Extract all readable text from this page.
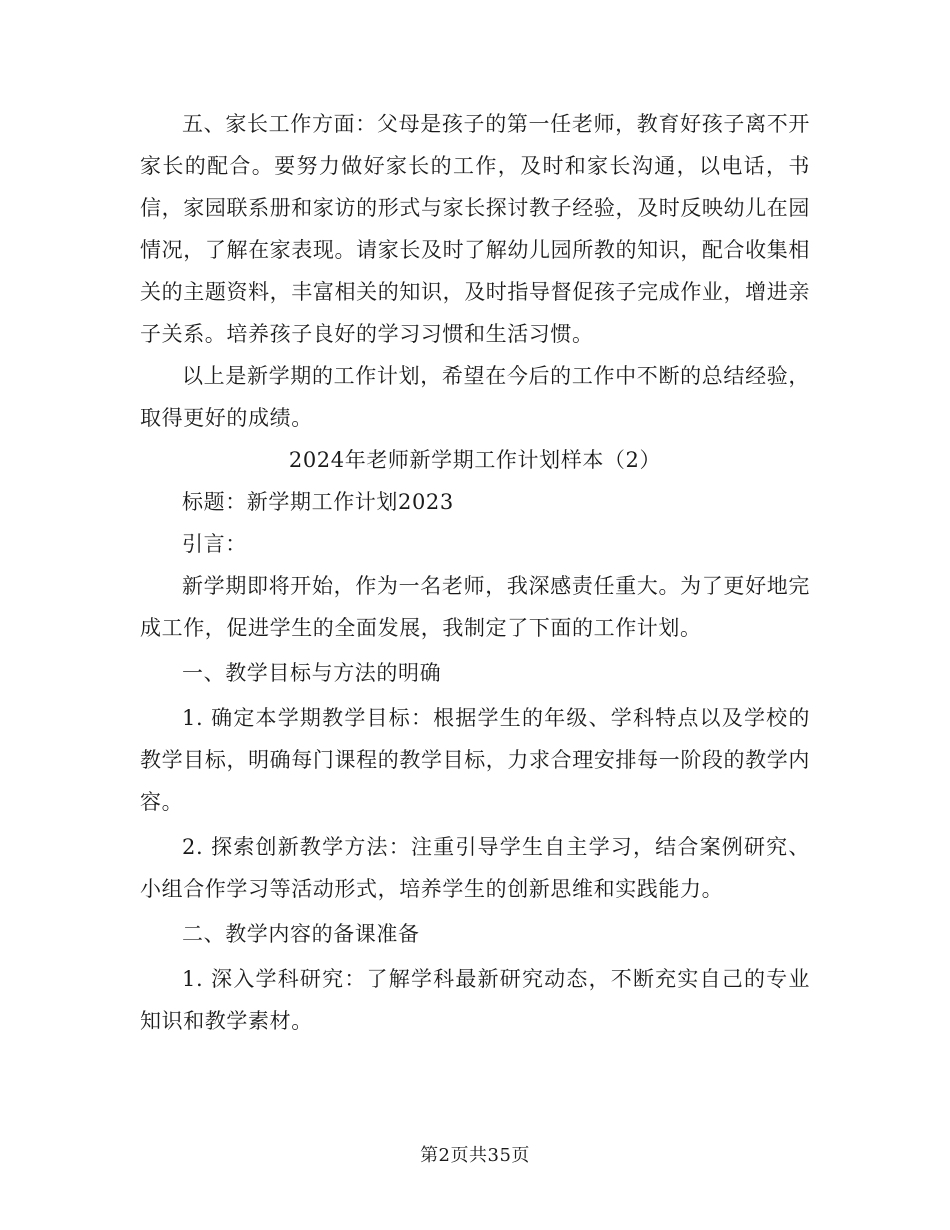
五、家长工作方面：父母是孩子的第一任老师，教育好孩子离不开家长的配合。要努力做好家长的工作，及时和家长沟通，以电话，书信，家园联系册和家访的形式与家长探讨教子经验，及时反映幼儿在园情况，了解在家表现。请家长及时了解幼儿园所教的知识，配合收集相关的主题资料，丰富相关的知识，及时指导督促孩子完成作业，增进亲子关系。培养孩子良好的学习习惯和生活习惯。

以上是新学期的工作计划，希望在今后的工作中不断的总结经验，取得更好的成绩。

2024年老师新学期工作计划样本（2）

标题：新学期工作计划2023

引言：

新学期即将开始，作为一名老师，我深感责任重大。为了更好地完成工作，促进学生的全面发展，我制定了下面的工作计划。

一、教学目标与方法的明确

1. 确定本学期教学目标：根据学生的年级、学科特点以及学校的教学目标，明确每门课程的教学目标，力求合理安排每一阶段的教学内容。

2. 探索创新教学方法：注重引导学生自主学习，结合案例研究、小组合作学习等活动形式，培养学生的创新思维和实践能力。

二、教学内容的备课准备

1. 深入学科研究：了解学科最新研究动态，不断充实自己的专业知识和教学素材。

第2页共35页
